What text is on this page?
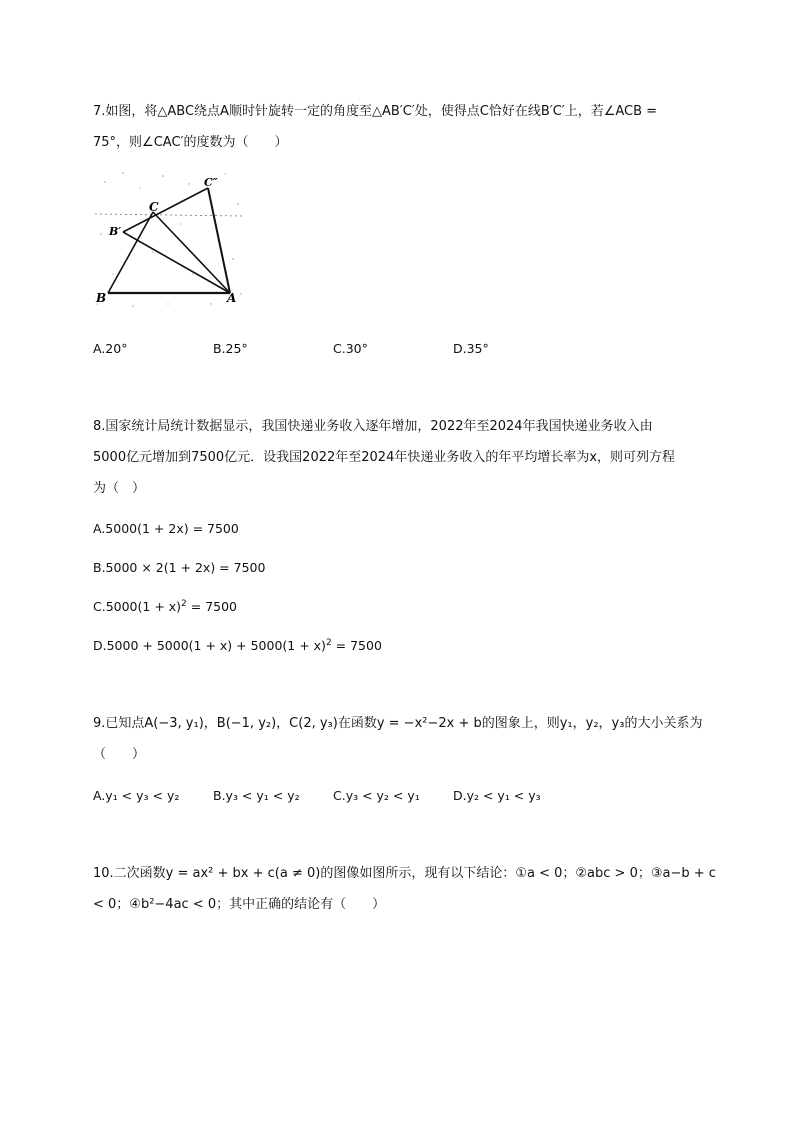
7.如图，将△ABC绕点A顺时针旋转一定的角度至△AB′C′处，使得点C恰好在线B′C′上，若∠ACB =
75°，则∠CAC′的度数为（　　）
B	A
C
B′
C″
A.20°	B.25°	C.30°	D.35°
8.国家统计局统计数据显示，我国快递业务收入逐年增加，2022年至2024年我国快递业务收入由
5000亿元增加到7500亿元．设我国2022年至2024年快递业务收入的年平均增长率为x，则可列方程
为（　）
A.5000(1 + 2x) = 7500
B.5000 × 2(1 + 2x) = 7500
$C.5000(1 + x)^2 = 7500$
$D.5000 + 5000(1 + x) + 5000(1 + x)^2 = 7500$
9.已知点A(−3, y₁)，B(−1, y₂)，C(2, y₃)在函数y = −x²−2x + b的图象上，则y₁，y₂，y₃的大小关系为
（　　）
A.y₁ < y₃ < y₂	B.y₃ < y₁ < y₂	C.y₃ < y₂ < y₁	D.y₂ < y₁ < y₃
10.二次函数y = ax² + bx + c(a ≠ 0)的图像如图所示，现有以下结论：①a < 0；②abc > 0；③a−b + c
< 0；④b²−4ac < 0；其中正确的结论有（　　）
